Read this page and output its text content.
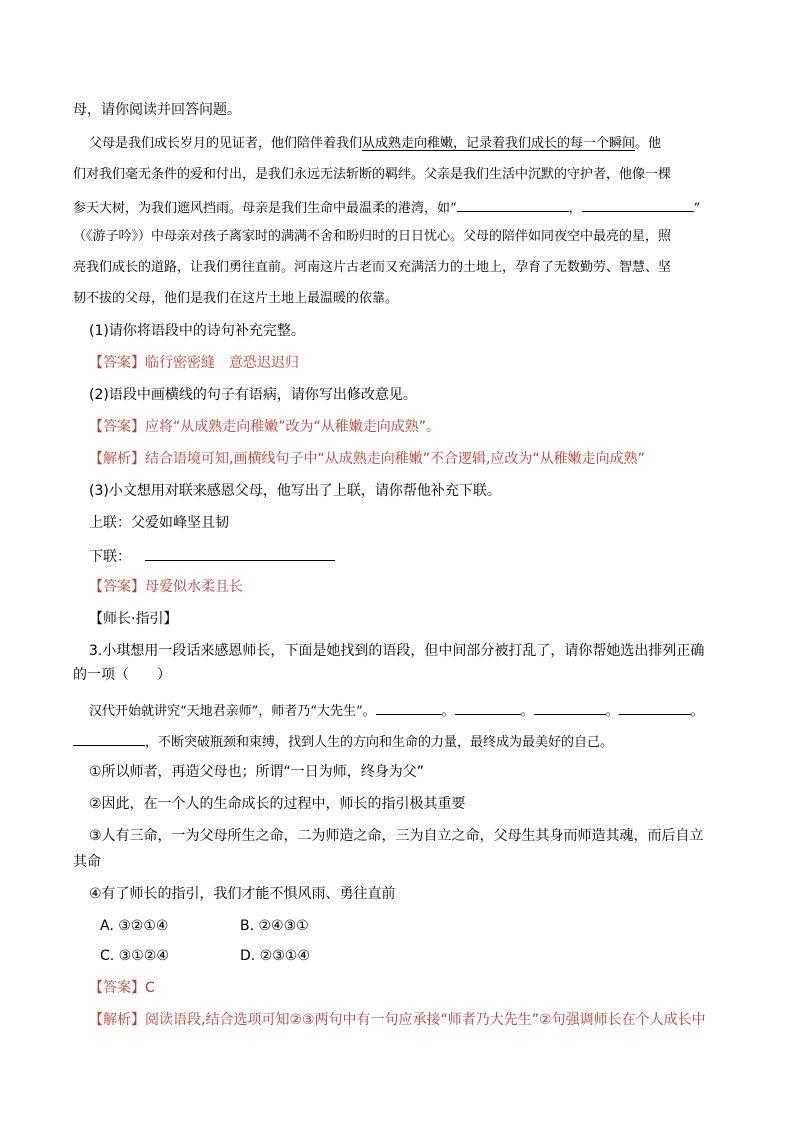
母，请你阅读并回答问题。
父母是我们成长岁月的见证者，他们陪伴着我们从成熟走向稚嫩，记录着我们成长的每一个瞬间。他
们对我们毫无条件的爱和付出，是我们永远无法斩断的羁绊。父亲是我们生活中沉默的守护者，他像一棵
参天大树，为我们遮风挡雨。母亲是我们生命中最温柔的港湾，如“	，	”
（《游子吟》）中母亲对孩子离家时的满满不舍和盼归时的日日忧心。父母的陪伴如同夜空中最亮的星，照
亮我们成长的道路，让我们勇往直前。河南这片古老而又充满活力的土地上，孕育了无数勤劳、智慧、坚
韧不拔的父母，他们是我们在这片土地上最温暖的依靠。
(1)请你将语段中的诗句补充完整。
【答案】临行密密缝　意恐迟迟归
(2)语段中画横线的句子有语病，请你写出修改意见。
【答案】应将“从成熟走向稚嫩”改为“从稚嫩走向成熟”。
【解析】结合语境可知,画横线句子中“从成熟走向稚嫩”不合逻辑,应改为“从稚嫩走向成熟”
(3)小文想用对联来感恩父母，他写出了上联，请你帮他补充下联。
上联：父爱如峰坚且韧
下联：
【答案】母爱似水柔且长
【师长·指引】
3.小琪想用一段话来感恩师长，下面是她找到的语段，但中间部分被打乱了，请你帮她选出排列正确
的一项（　　）
汉代开始就讲究“天地君亲师”，师者乃“大先生”。	。	。	。	。
，不断突破瓶颈和束缚，找到人生的方向和生命的力量，最终成为最美好的自己。
①所以师者，再造父母也；所谓“一日为师，终身为父”
②因此，在一个人的生命成长的过程中，师长的指引极其重要
③人有三命，一为父母所生之命，二为师造之命，三为自立之命，父母生其身而师造其魂，而后自立
其命
④有了师长的指引，我们才能不惧风雨、勇往直前
A. ③②①④	B. ②④③①
C. ③①②④	D. ②③①④
【答案】C
【解析】阅读语段,结合选项可知②③两句中有一句应承接“师者乃大先生”②句强调师长在个人成长中
